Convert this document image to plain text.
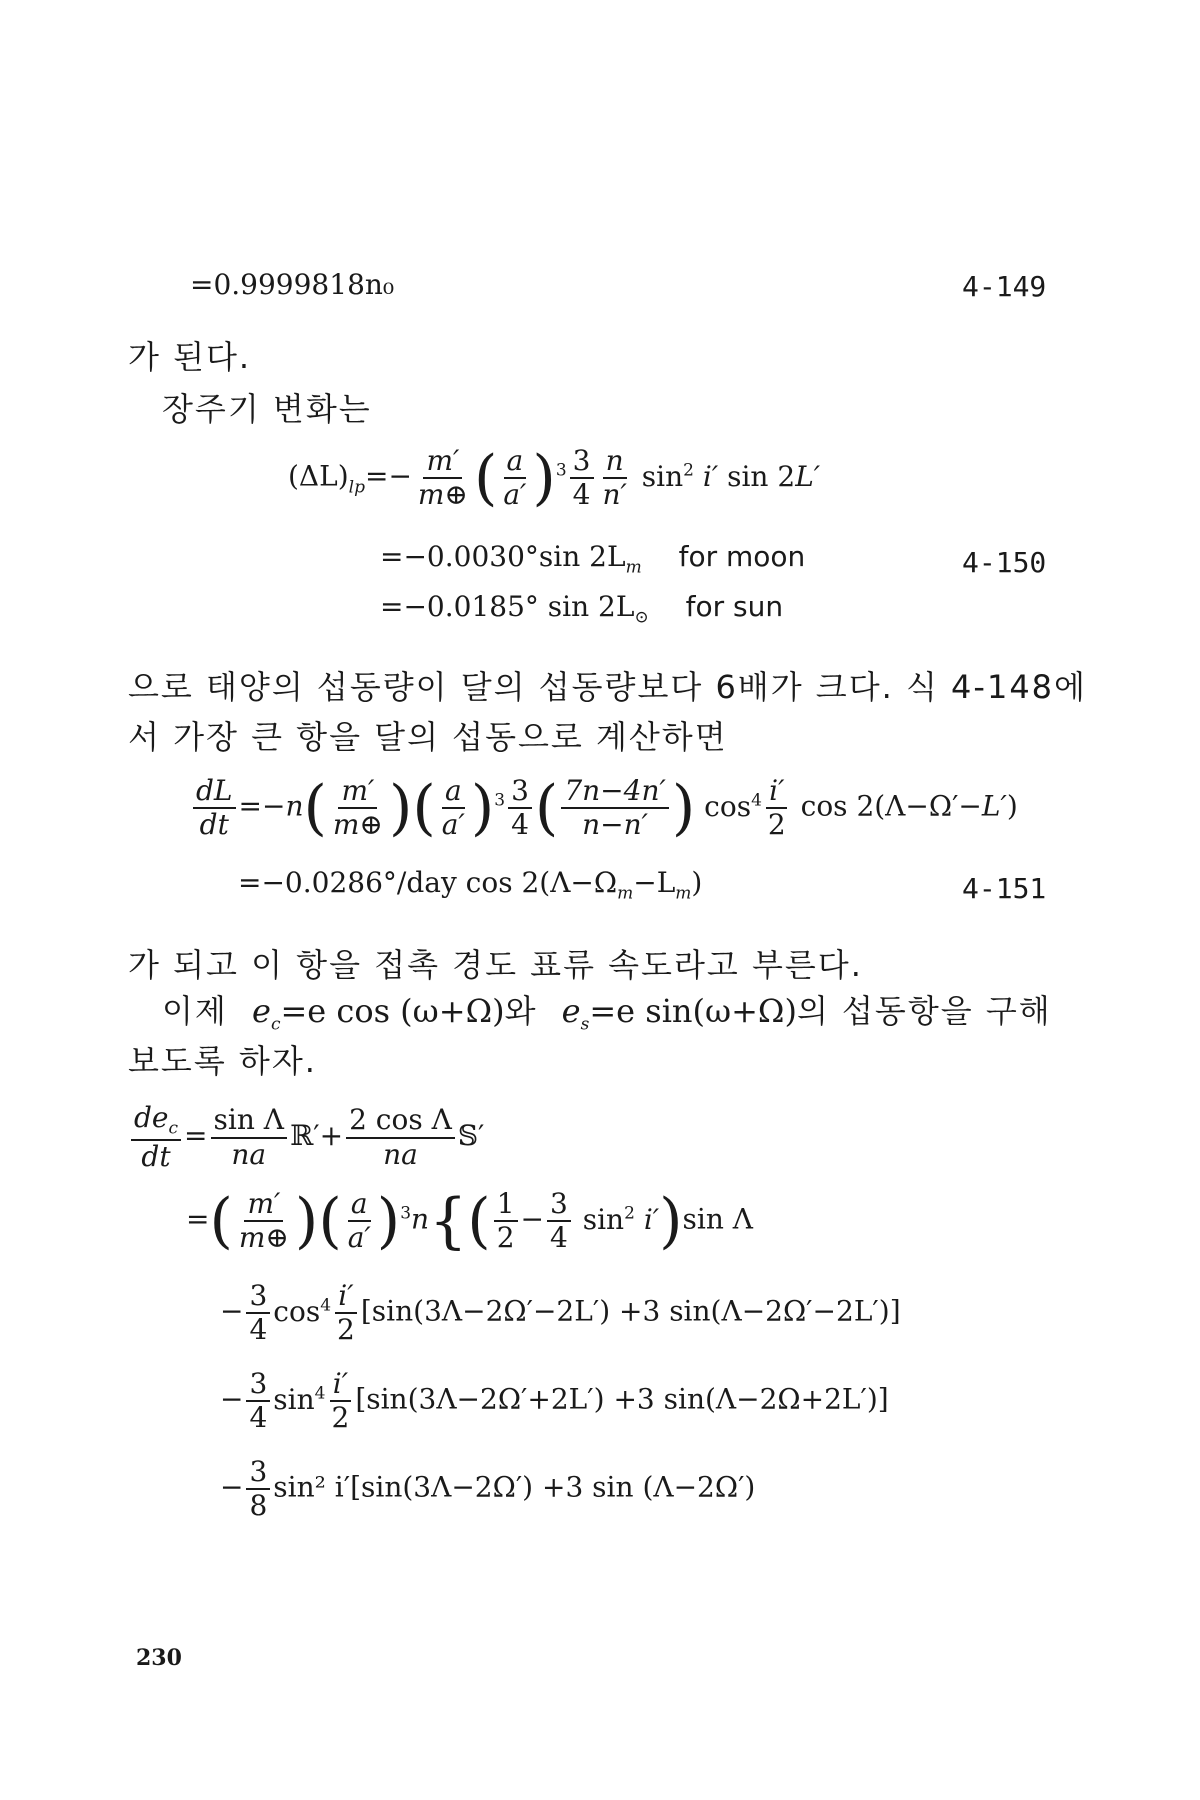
=0.9999818n₀	4-149
가 된다.
장주기 변화는
$(\Delta L)_{lp}=- \frac{m'}{m\oplus}$ ( $\frac{a}{a'} )^3 \frac{3}{4} \frac{n}{n'} \sin^2 i'$ sin 2L′
=−0.0030°sin $2L_m$ for moon	4-150
=−0.0185° $\sin 2L_⊙$ for sun
으로 태양의 섭동량이 달의 섭동량보다 6배가 크다. 식 4-148에
서 가장 큰 항을 달의 섭동으로 계산하면
$\frac{dL}{dt} =-n( \frac{m'}{m\oplus}$ )( $\frac{a}{a'} )^3 \frac{3}{4}$ ( $\frac{7n-4n'}{n-n'}$ ) $\cos^4 \frac{i'}{2}$ cos 2(Λ−Ω′−L′)
=−0.0286°/day $\cos 2(\Lambda-\Omega_m-L_m)$	4-151
가 되고 이 항을 접촉 경도 표류 속도라고 부른다.
이제 $e_c=e$ cos (ω+Ω)와 $e_s=e$ sin(ω+Ω)의 섭동항을 구해
보도록 하자.
$\frac{de_c}{dt} = \frac{\text{sin Λ}}{na}$ ℝ′+ $\frac{\text{2 cos Λ}}{na}$ 𝕊′
=( $\frac{m'}{m\oplus}$ )( $\frac{a}{a'} )^3n\{( \frac{1}{2} - \frac{3}{4} \sin^2 i')\sin$ Λ
− $\frac{3}{4} \cos^4 \frac{i'}{2} [\sin(3\Lambda-2\Omega'-2L') +3$ sin(Λ−2Ω′−2L′)]
− $\frac{3}{4} \sin^4 \frac{i'}{2} [\sin(3\Lambda-2\Omega'+2L') +3$ sin(Λ−2Ω+2L′)]
− $\frac{3}{8} \sin^2$ i′[sin(3Λ−2Ω′) +3 sin (Λ−2Ω′)
230
